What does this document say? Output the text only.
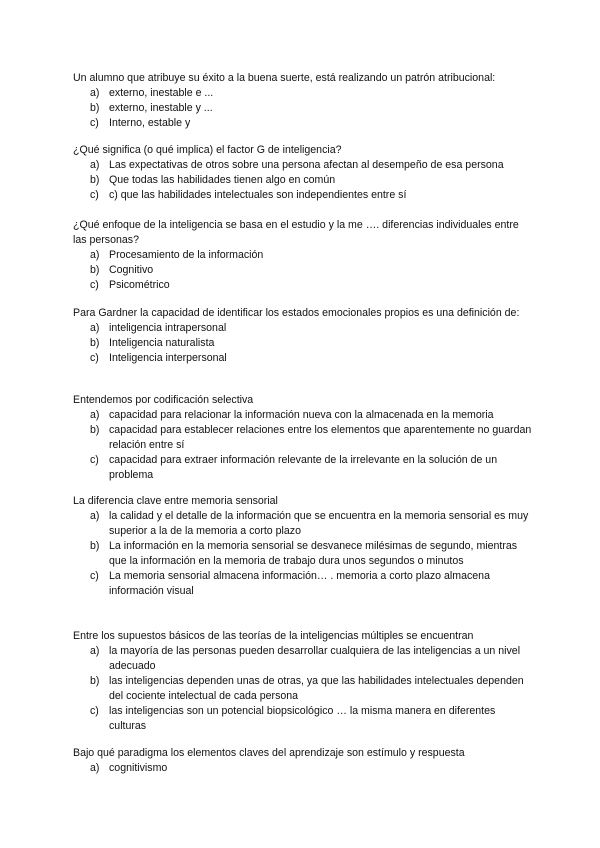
Un alumno que atribuye su éxito a la buena suerte, está realizando un patrón atribucional:

a) externo, inestable e ...
b) externo, inestable y ...
c) Interno, estable y

¿Qué significa (o qué implica) el factor G de inteligencia?

a) Las expectativas de otros sobre una persona afectan al desempeño de esa persona
b) Que todas las habilidades tienen algo en común
c) c) que las habilidades intelectuales son independientes entre sí

¿Qué enfoque de la inteligencia se basa en el estudio y la me …. diferencias individuales entre las personas?

a) Procesamiento de la información
b) Cognitivo
c) Psicométrico

Para Gardner la capacidad de identificar los estados emocionales propios es una definición de:

a) inteligencia intrapersonal
b) Inteligencia naturalista
c) Inteligencia interpersonal

Entendemos por codificación selectiva

a) capacidad para relacionar la información nueva con la almacenada en la memoria
b) capacidad para establecer relaciones entre los elementos que aparentemente no guardan relación entre sí
c) capacidad para extraer información relevante de la irrelevante en la solución de un problema

La diferencia clave entre memoria sensorial

a) la calidad y el detalle de la información que se encuentra en la memoria sensorial es muy superior a la de la memoria a corto plazo
b) La información en la memoria sensorial se desvanece milésimas de segundo, mientras que la información en la memoria de trabajo dura unos segundos o minutos
c) La memoria sensorial almacena información… . memoria a corto plazo almacena información visual

Entre los supuestos básicos de las teorías de la inteligencias múltiples se encuentran

a) la mayoría de las personas pueden desarrollar cualquiera de las inteligencias a un nivel adecuado
b) las inteligencias dependen unas de otras, ya que las habilidades intelectuales dependen del cociente intelectual de cada persona
c) las inteligencias son un potencial biopsicológico … la misma manera en diferentes culturas

Bajo qué paradigma los elementos claves del aprendizaje son estímulo y respuesta

a) cognitivismo
